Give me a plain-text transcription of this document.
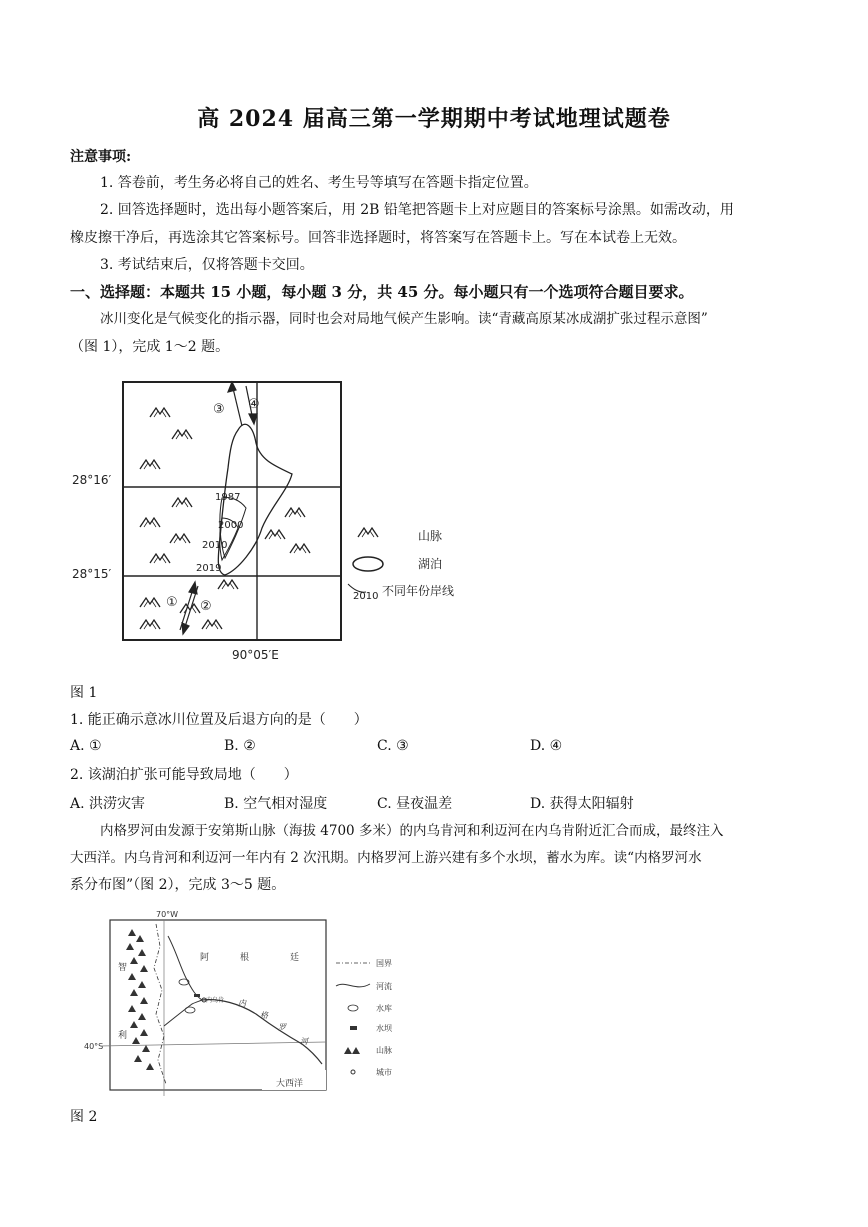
高 2024 届高三第一学期期中考试地理试题卷
注意事项:
1. 答卷前，考生务必将自己的姓名、考生号等填写在答题卡指定位置。
2. 回答选择题时，选出每小题答案后，用 2B 铅笔把答题卡上对应题目的答案标号涂黑。如需改动，用
橡皮擦干净后，再选涂其它答案标号。回答非选择题时，将答案写在答题卡上。写在本试卷上无效。
3. 考试结束后，仅将答题卡交回。
一、选择题：本题共 15 小题，每小题 3 分，共 45 分。每小题只有一个选项符合题目要求。
冰川变化是气候变化的指示器，同时也会对局地气候产生影响。读“青藏高原某冰成湖扩张过程示意图”
（图 1），完成 1～2 题。
1987
2000
2010
2019
③ ④
① ②
28°16′
28°15′
90°05′E
山脉
湖泊
2010 不同年份岸线
图 1
1. 能正确示意冰川位置及后退方向的是（　　）
A. ①	B. ②	C. ③	D. ④
2. 该湖泊扩张可能导致局地（　　）
A. 洪涝灾害	B. 空气相对湿度	C. 昼夜温差	D. 获得太阳辐射
内格罗河由发源于安第斯山脉（海拔 4700 多米）的内乌肯河和利迈河在内乌肯附近汇合而成，最终注入
大西洋。内乌肯河和利迈河一年内有 2 次汛期。内格罗河上游兴建有多个水坝，蓄水为库。读“内格罗河水
系分布图”（图 2），完成 3～5 题。
70°W
40°S
内乌肯
智
利
阿	根	廷
内
格
罗
河
大西洋
国界
河流
水库
水坝
山脉
城市
图 2
